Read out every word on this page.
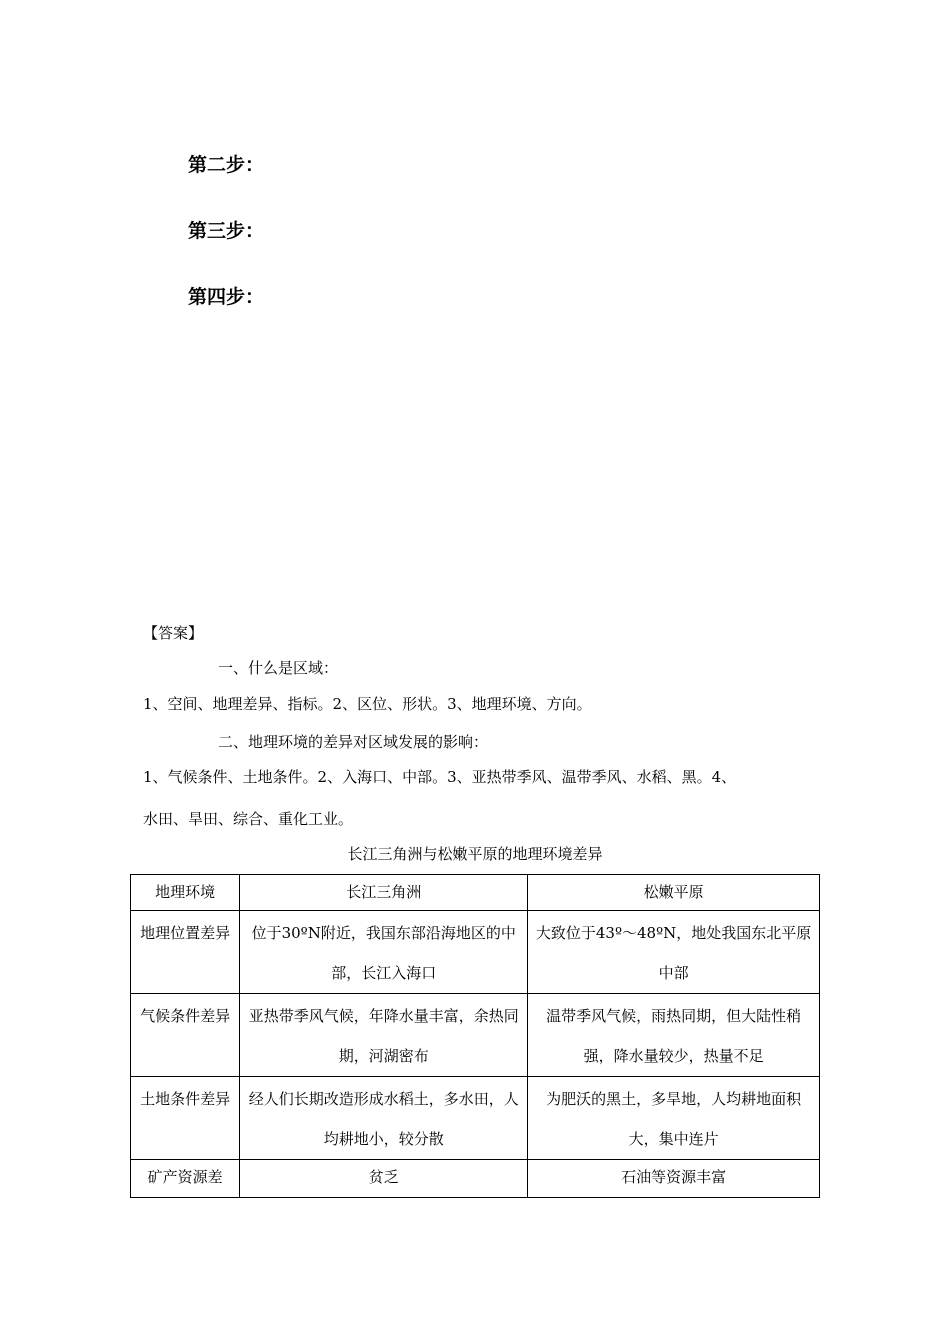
第二步：
第三步：
第四步：
【答案】
一、什么是区域：
1、空间、地理差异、指标。2、区位、形状。3、地理环境、方向。
二、地理环境的差异对区域发展的影响：
1、气候条件、土地条件。2、入海口、中部。3、亚热带季风、温带季风、水稻、黑。4、
水田、旱田、综合、重化工业。
长江三角洲与松嫩平原的地理环境差异
地理环境	长江三角洲	松嫩平原
地理位置差异	位于30ºN附近，我国东部沿海地区的中部，长江入海口	大致位于43º～48ºN，地处我国东北平原中部
气候条件差异	亚热带季风气候，年降水量丰富，余热同期，河湖密布	温带季风气候，雨热同期，但大陆性稍强，降水量较少，热量不足
土地条件差异	经人们长期改造形成水稻土，多水田，人均耕地小，较分散	为肥沃的黑土，多旱地，人均耕地面积大，集中连片
矿产资源差	贫乏	石油等资源丰富
